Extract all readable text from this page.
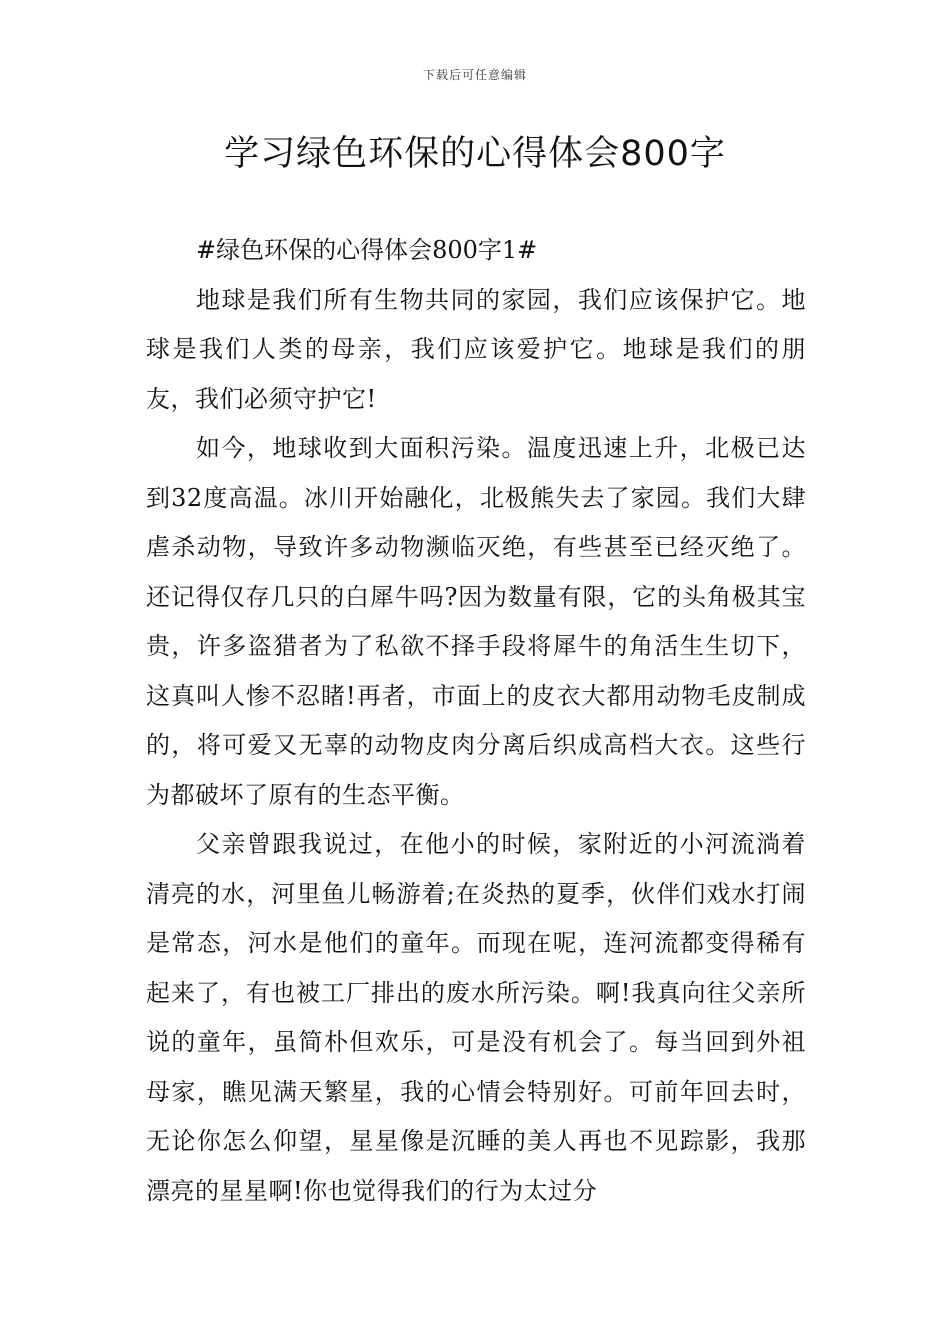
下载后可任意编辑
学习绿色环保的心得体会800字

#绿色环保的心得体会800字1#

地球是我们所有生物共同的家园，我们应该保护它。地球是我们人类的母亲，我们应该爱护它。地球是我们的朋友，我们必须守护它!

如今，地球收到大面积污染。温度迅速上升，北极已达到32度高温。冰川开始融化，北极熊失去了家园。我们大肆虐杀动物，导致许多动物濒临灭绝，有些甚至已经灭绝了。还记得仅存几只的白犀牛吗?因为数量有限，它的头角极其宝贵，许多盗猎者为了私欲不择手段将犀牛的角活生生切下，这真叫人惨不忍睹!再者，市面上的皮衣大都用动物毛皮制成的，将可爱又无辜的动物皮肉分离后织成高档大衣。这些行为都破坏了原有的生态平衡。

父亲曾跟我说过，在他小的时候，家附近的小河流淌着清亮的水，河里鱼儿畅游着;在炎热的夏季，伙伴们戏水打闹是常态，河水是他们的童年。而现在呢，连河流都变得稀有起来了，有也被工厂排出的废水所污染。啊!我真向往父亲所说的童年，虽简朴但欢乐，可是没有机会了。每当回到外祖母家，瞧见满天繁星，我的心情会特别好。可前年回去时，无论你怎么仰望，星星像是沉睡的美人再也不见踪影，我那漂亮的星星啊!你也觉得我们的行为太过分
